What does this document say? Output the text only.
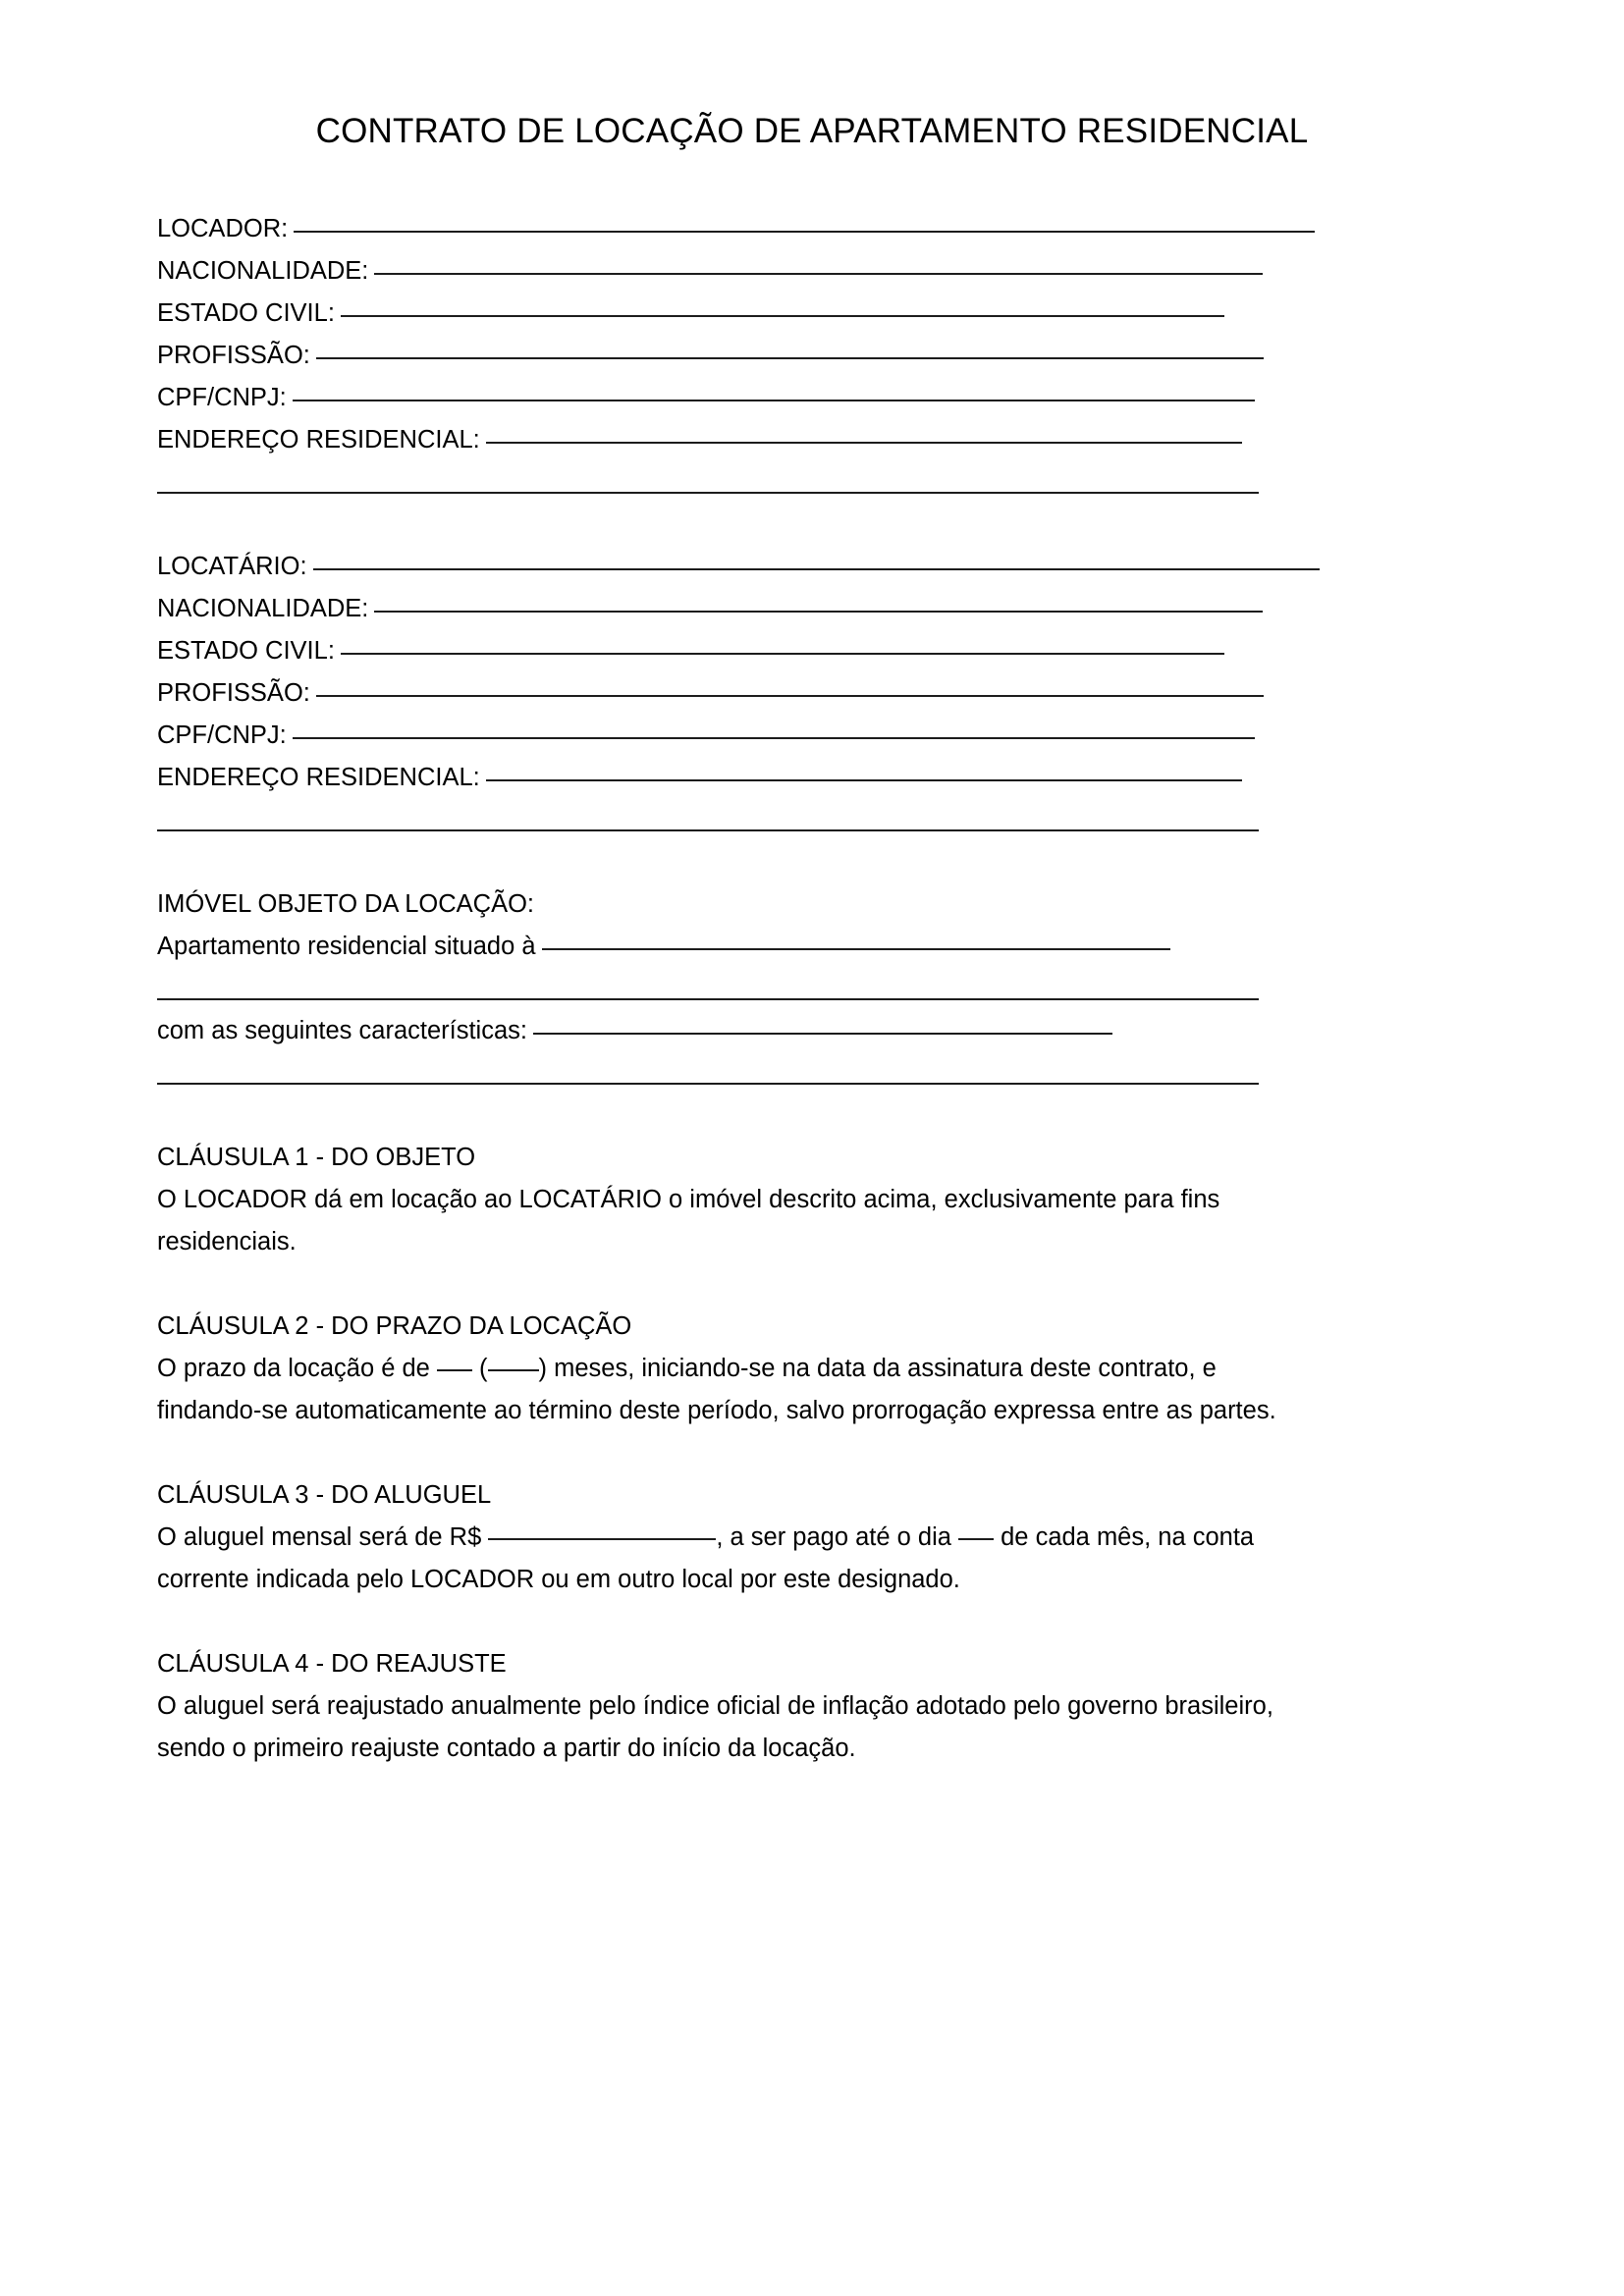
CONTRATO DE LOCAÇÃO DE APARTAMENTO RESIDENCIAL
LOCADOR:
NACIONALIDADE:
ESTADO CIVIL:
PROFISSÃO:
CPF/CNPJ:
ENDEREÇO RESIDENCIAL:
LOCATÁRIO:
NACIONALIDADE:
ESTADO CIVIL:
PROFISSÃO:
CPF/CNPJ:
ENDEREÇO RESIDENCIAL:
IMÓVEL OBJETO DA LOCAÇÃO:
Apartamento residencial situado à
com as seguintes características:
CLÁUSULA 1 - DO OBJETO
O LOCADOR dá em locação ao LOCATÁRIO o imóvel descrito acima, exclusivamente para fins residenciais.
CLÁUSULA 2 - DO PRAZO DA LOCAÇÃO
O prazo da locação é de  ( ) meses, iniciando-se na data da assinatura deste contrato, e findando-se automaticamente ao término deste período, salvo prorrogação expressa entre as partes.
CLÁUSULA 3 - DO ALUGUEL
O aluguel mensal será de R$	, a ser pago até o dia  de cada mês, na conta corrente indicada pelo LOCADOR ou em outro local por este designado.
CLÁUSULA 4 - DO REAJUSTE
O aluguel será reajustado anualmente pelo índice oficial de inflação adotado pelo governo brasileiro,
sendo o primeiro reajuste contado a partir do início da locação.
